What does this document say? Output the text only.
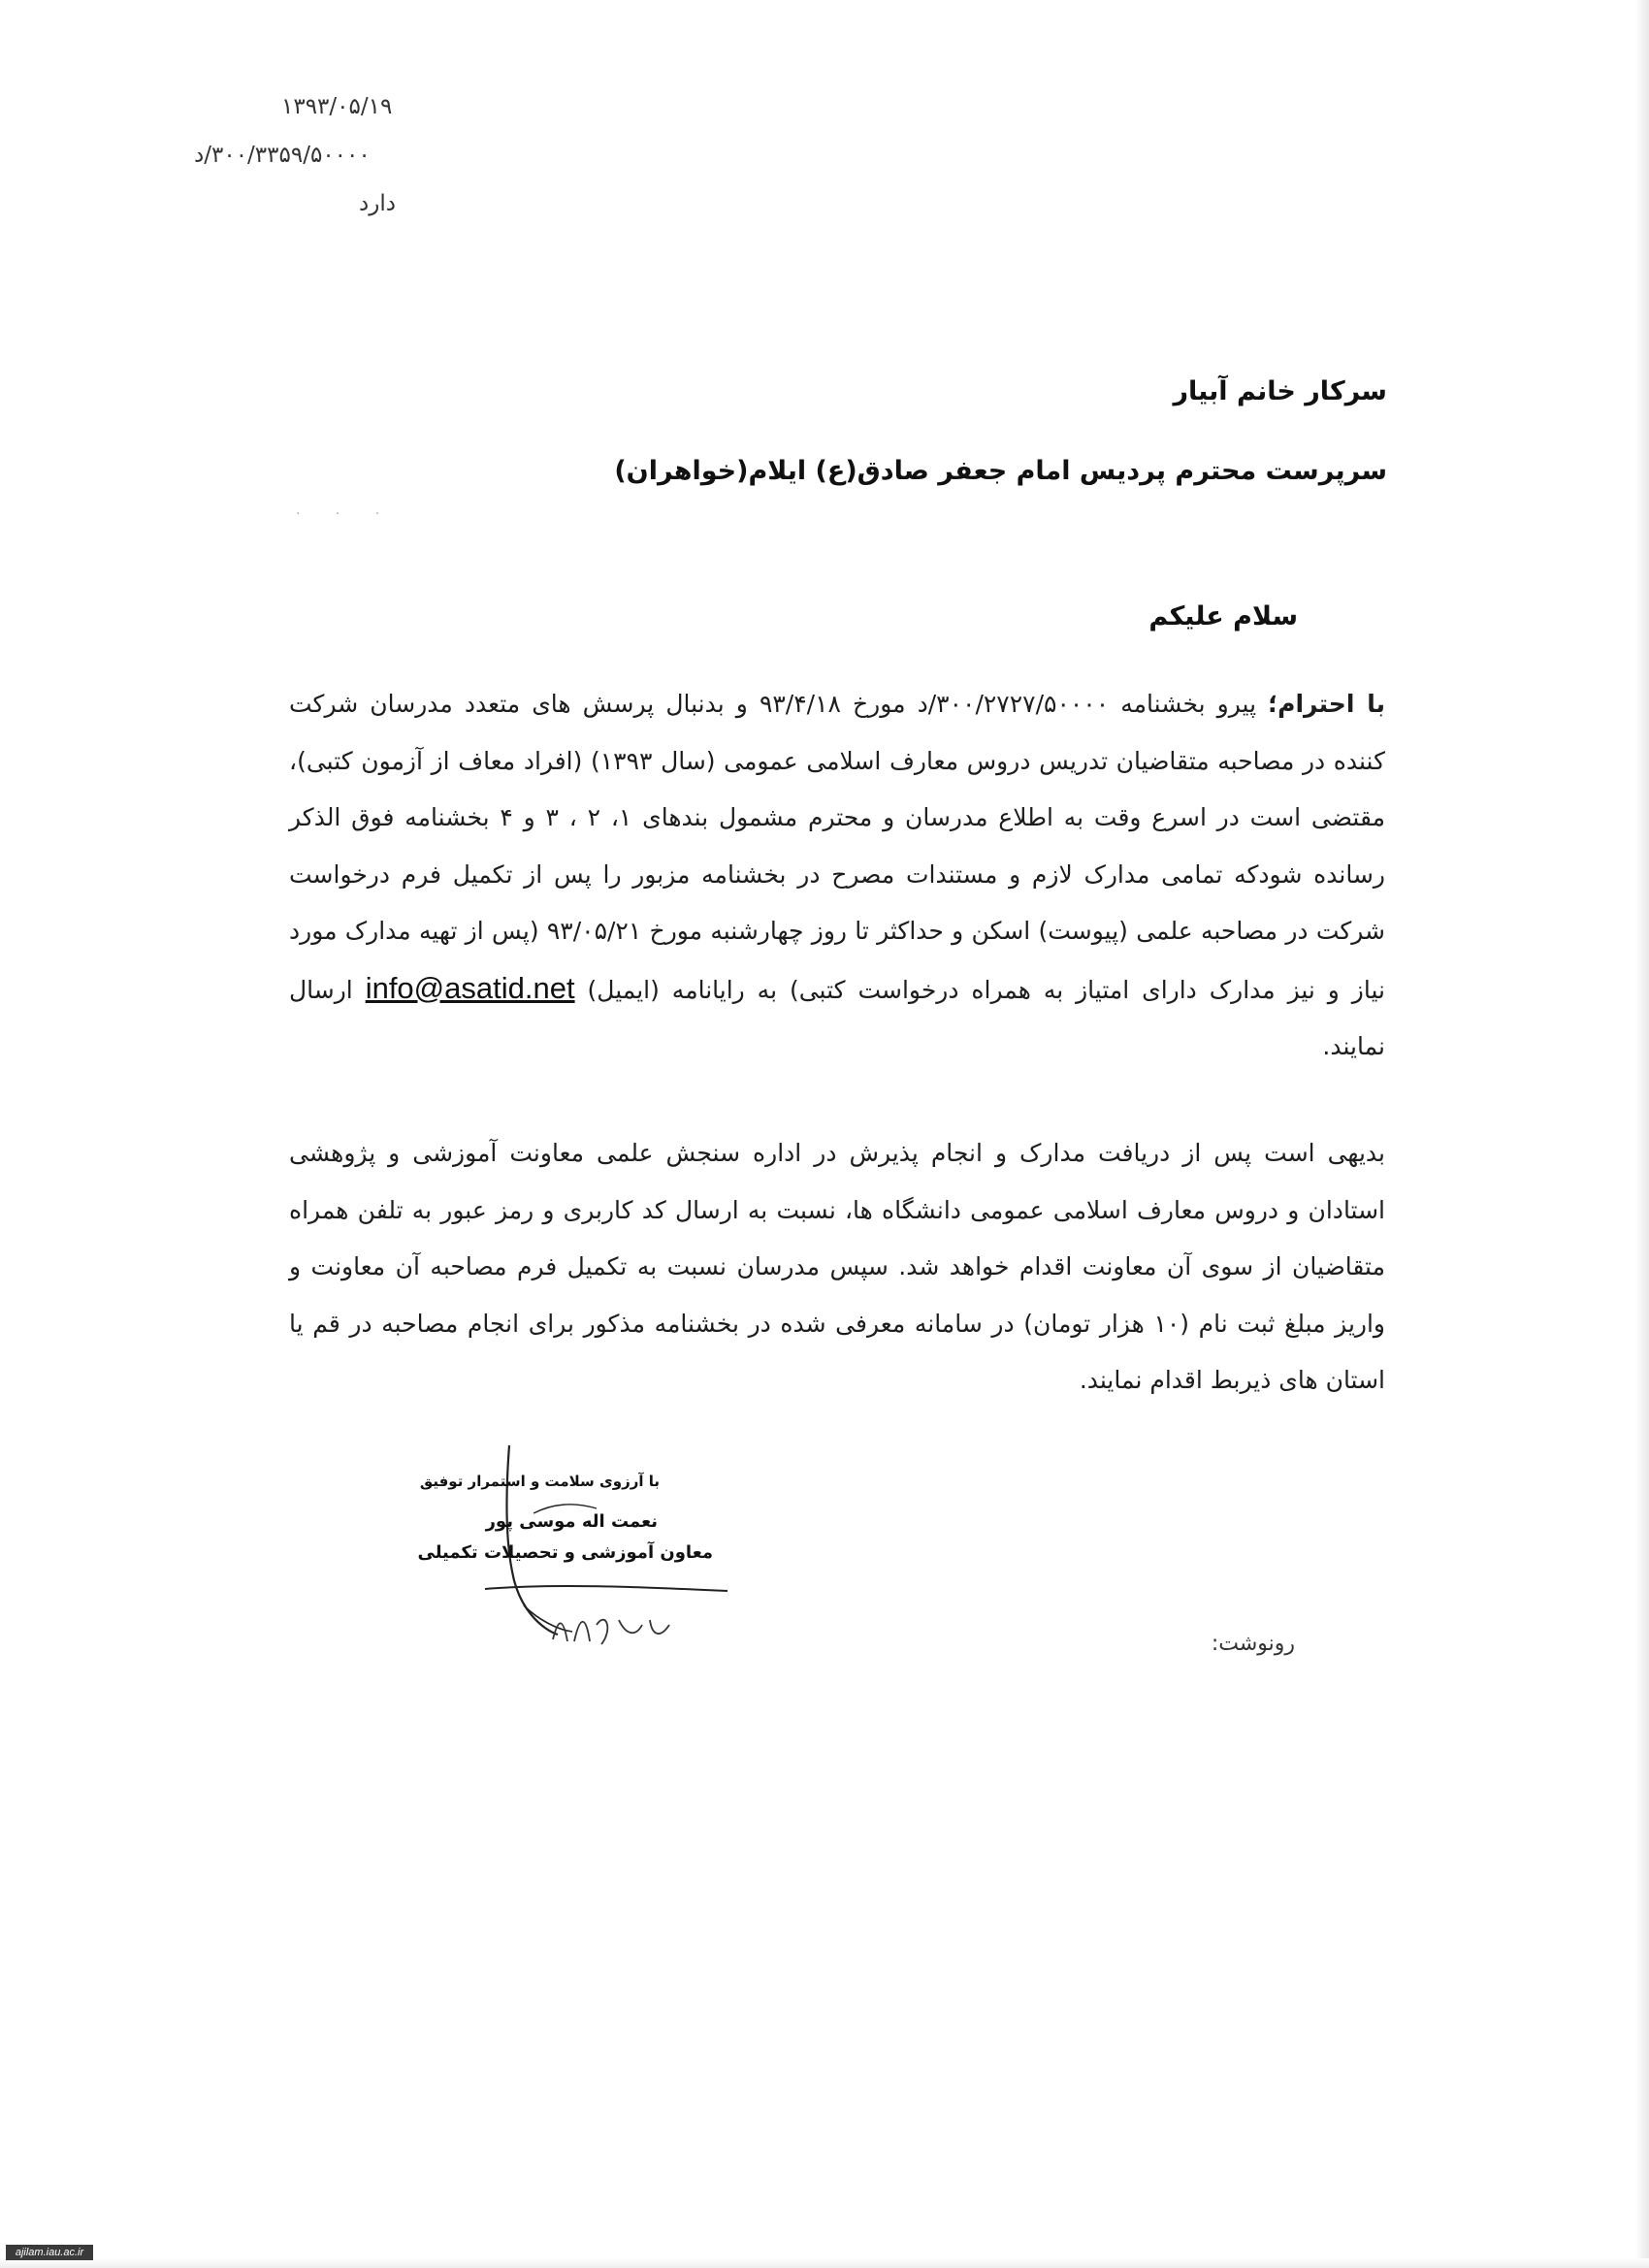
۱۳۹۳/۰۵/۱۹
۳۰۰/۳۳۵۹/۵۰۰۰۰/د
دارد
سرکار خانم آبیار
سرپرست محترم پردیس امام جعفر صادق(ع) ایلام(خواهران)
· · ·
سلام علیکم
با احترام؛ پیرو بخشنامه ۳۰۰/۲۷۲۷/۵۰۰۰۰/د مورخ ۹۳/۴/۱۸ و بدنبال پرسش های متعدد مدرسان شرکت کننده در مصاحبه متقاضیان تدریس دروس معارف اسلامی عمومی (سال ۱۳۹۳) (افراد معاف از آزمون کتبی)، مقتضی است در اسرع وقت به اطلاع مدرسان و محترم مشمول بندهای ۱، ۲ ، ۳ و ۴ بخشنامه فوق الذکر رسانده شودکه تمامی مدارک لازم و مستندات مصرح در بخشنامه مزبور را پس از تکمیل فرم درخواست شرکت در مصاحبه علمی (پیوست) اسکن و حداکثر تا روز چهارشنبه مورخ ۹۳/۰۵/۲۱ (پس از تهیه مدارک مورد نیاز و نیز مدارک دارای امتیاز به همراه درخواست کتبی) به رایانامه (ایمیل) info@asatid.net ارسال نمایند.
بدیهی است پس از دریافت مدارک و انجام پذیرش در اداره سنجش علمی معاونت آموزشی و پژوهشی استادان و دروس معارف اسلامی عمومی دانشگاه ها، نسبت به ارسال کد کاربری و رمز عبور به تلفن همراه متقاضیان از سوی آن معاونت اقدام خواهد شد. سپس مدرسان نسبت به تکمیل فرم مصاحبه آن معاونت و واریز مبلغ ثبت نام (۱۰ هزار تومان) در سامانه معرفی شده در بخشنامه مذکور برای انجام مصاحبه در قم یا استان های ذیربط اقدام نمایند.
با آرزوی سلامت و استمرار توفیق
نعمت اله موسی پور
معاون آموزشی و تحصیلات تکمیلی
رونوشت:
ajilam.iau.ac.ir
